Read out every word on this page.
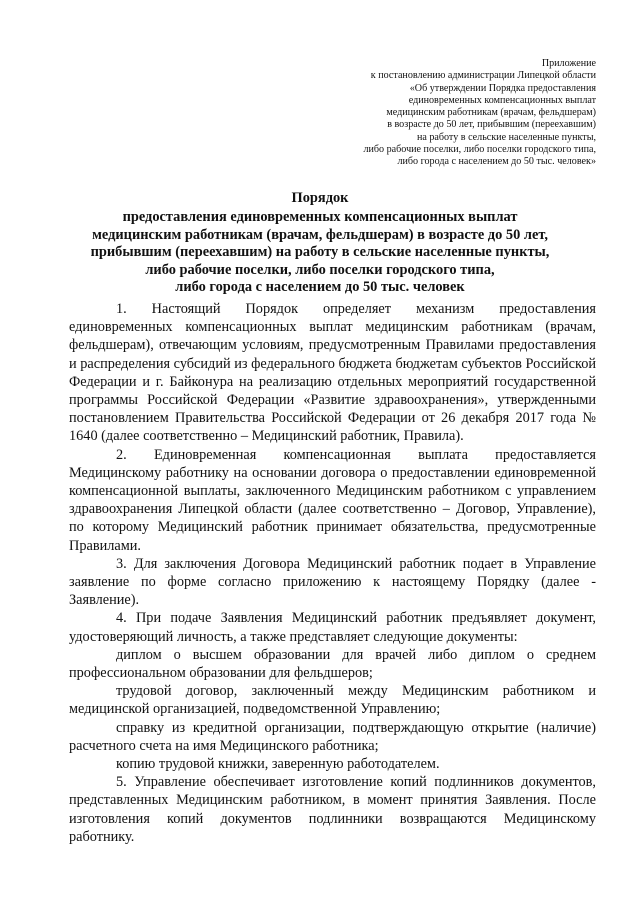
Приложение
к постановлению администрации Липецкой области
«Об утверждении Порядка предоставления
единовременных компенсационных выплат
медицинским работникам (врачам, фельдшерам)
в возрасте до 50 лет, прибывшим (переехавшим)
на работу в сельские населенные пункты,
либо рабочие поселки, либо поселки городского типа,
либо города с населением до 50 тыс. человек»
Порядок
предоставления единовременных компенсационных выплат
медицинским работникам (врачам, фельдшерам) в возрасте до 50 лет,
прибывшим (переехавшим) на работу в сельские населенные пункты,
либо рабочие поселки, либо поселки городского типа,
либо города с населением до 50 тыс. человек

1. Настоящий Порядок определяет механизм предоставления единовременных компенсационных выплат медицинским работникам (врачам, фельдшерам), отвечающим условиям, предусмотренным Правилами предоставления и распределения субсидий из федерального бюджета бюджетам субъектов Российской Федерации и г. Байконура на реализацию отдельных мероприятий государственной программы Российской Федерации «Развитие здравоохранения», утвержденными постановлением Правительства Российской Федерации от 26 декабря 2017 года № 1640 (далее соответственно – Медицинский работник, Правила).

2. Единовременная компенсационная выплата предоставляется Медицинскому работнику на основании договора о предоставлении единовременной компенсационной выплаты, заключенного Медицинским работником с управлением здравоохранения Липецкой области (далее соответственно – Договор, Управление), по которому Медицинский работник принимает обязательства, предусмотренные Правилами.

3. Для заключения Договора Медицинский работник подает в Управление заявление по форме согласно приложению к настоящему Порядку (далее - Заявление).

4. При подаче Заявления Медицинский работник предъявляет документ, удостоверяющий личность, а также представляет следующие документы:

диплом о высшем образовании для врачей либо диплом о среднем профессиональном образовании для фельдшеров;

трудовой договор, заключенный между Медицинским работником и медицинской организацией, подведомственной Управлению;

справку из кредитной организации, подтверждающую открытие (наличие) расчетного счета на имя Медицинского работника;

копию трудовой книжки, заверенную работодателем.

5. Управление обеспечивает изготовление копий подлинников документов, представленных Медицинским работником, в момент принятия Заявления. После изготовления копий документов подлинники возвращаются Медицинскому работнику.
